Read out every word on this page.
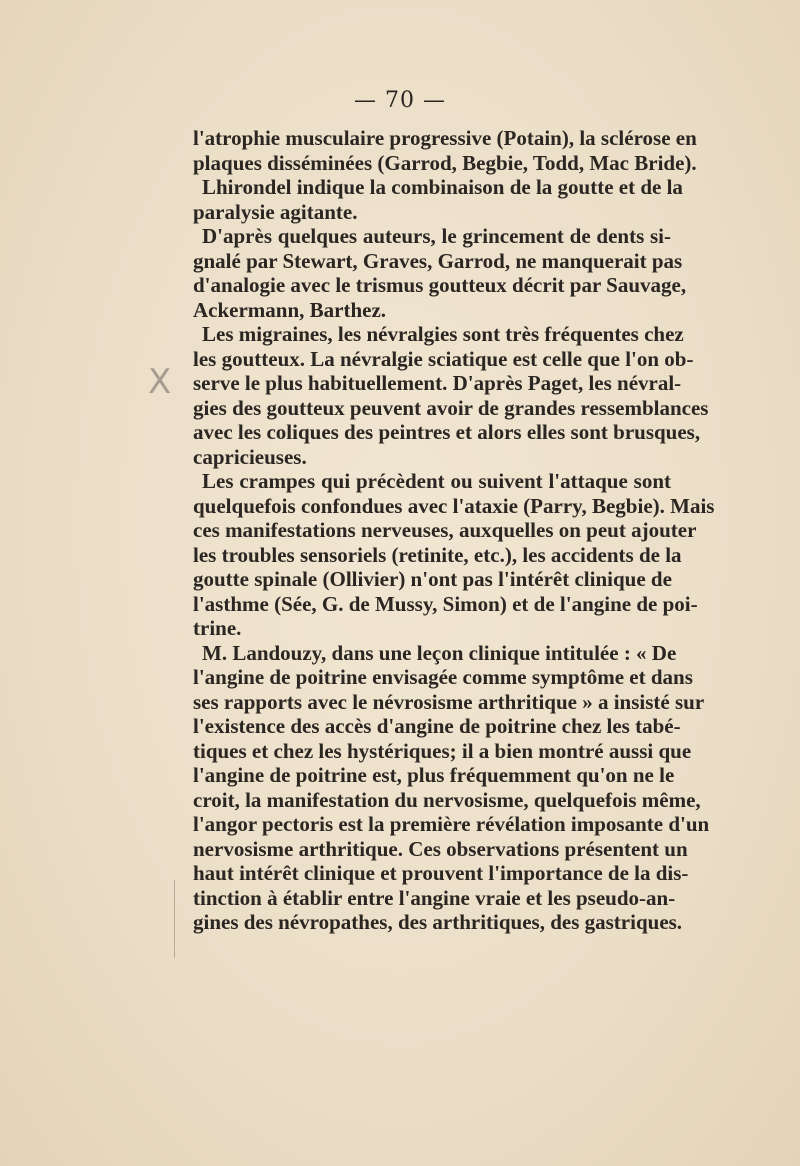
— 70 —
X
l'atrophie musculaire progressive (Potain), la sclérose en
plaques disséminées (Garrod, Begbie, Todd, Mac Bride).
Lhirondel indique la combinaison de la goutte et de la
paralysie agitante.
D'après quelques auteurs, le grincement de dents si-
gnalé par Stewart, Graves, Garrod, ne manquerait pas
d'analogie avec le trismus goutteux décrit par Sauvage,
Ackermann, Barthez.
Les migraines, les névralgies sont très fréquentes chez
les goutteux. La névralgie sciatique est celle que l'on ob-
serve le plus habituellement. D'après Paget, les névral-
gies des goutteux peuvent avoir de grandes ressemblances
avec les coliques des peintres et alors elles sont brusques,
capricieuses.
Les crampes qui précèdent ou suivent l'attaque sont
quelquefois confondues avec l'ataxie (Parry, Begbie). Mais
ces manifestations nerveuses, auxquelles on peut ajouter
les troubles sensoriels (retinite, etc.), les accidents de la
goutte spinale (Ollivier) n'ont pas l'intérêt clinique de
l'asthme (Sée, G. de Mussy, Simon) et de l'angine de poi-
trine.
M. Landouzy, dans une leçon clinique intitulée : « De
l'angine de poitrine envisagée comme symptôme et dans
ses rapports avec le névrosisme arthritique » a insisté sur
l'existence des accès d'angine de poitrine chez les tabé-
tiques et chez les hystériques; il a bien montré aussi que
l'angine de poitrine est, plus fréquemment qu'on ne le
croit, la manifestation du nervosisme, quelquefois même,
l'angor pectoris est la première révélation imposante d'un
nervosisme arthritique. Ces observations présentent un
haut intérêt clinique et prouvent l'importance de la dis-
tinction à établir entre l'angine vraie et les pseudo-an-
gines des névropathes, des arthritiques, des gastriques.
